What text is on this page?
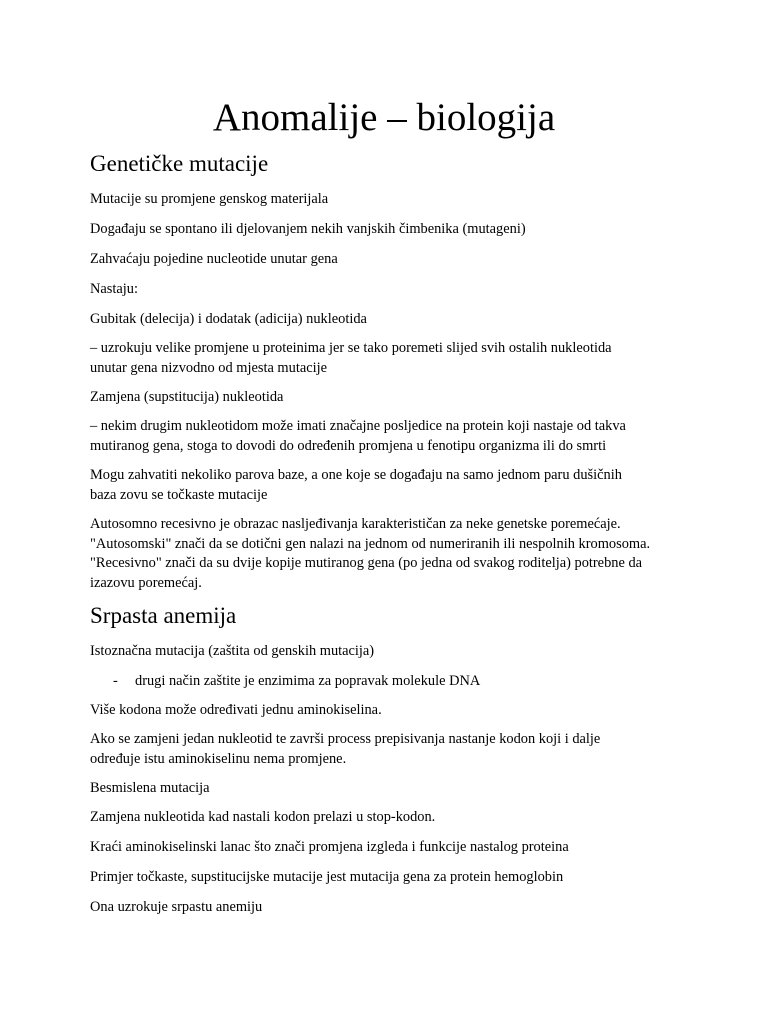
Anomalije – biologija
Genetičke mutacije

Mutacije su promjene genskog materijala

Događaju se spontano ili djelovanjem nekih vanjskih čimbenika (mutageni)

Zahvaćaju pojedine nucleotide unutar gena

Nastaju:

Gubitak (delecija) i dodatak (adicija) nukleotida

– uzrokuju velike promjene u proteinima jer se tako poremeti slijed svih ostalih nukleotida
unutar gena nizvodno od mjesta mutacije

Zamjena (supstitucija) nukleotida

– nekim drugim nukleotidom može imati značajne posljedice na protein koji nastaje od takva
mutiranog gena, stoga to dovodi do određenih promjena u fenotipu organizma ili do smrti

Mogu zahvatiti nekoliko parova baze, a one koje se događaju na samo jednom paru dušičnih
baza zovu se točkaste mutacije

Autosomno recesivno je obrazac nasljeđivanja karakterističan za neke genetske poremećaje.
"Autosomski" znači da se dotični gen nalazi na jednom od numeriranih ili nespolnih kromosoma.
"Recesivno" znači da su dvije kopije mutiranog gena (po jedna od svakog roditelja) potrebne da
izazovu poremećaj.

Srpasta anemija

Istoznačna mutacija (zaštita od genskih mutacija)

- drugi način zaštite je enzimima za popravak molekule DNA

Više kodona može određivati jednu aminokiselina.

Ako se zamjeni jedan nukleotid te završi process prepisivanja nastanje kodon koji i dalje
određuje istu aminokiselinu nema promjene.

Besmislena mutacija

Zamjena nukleotida kad nastali kodon prelazi u stop-kodon.

Kraći aminokiselinski lanac što znači promjena izgleda i funkcije nastalog proteina

Primjer točkaste, supstitucijske mutacije jest mutacija gena za protein hemoglobin

Ona uzrokuje srpastu anemiju
